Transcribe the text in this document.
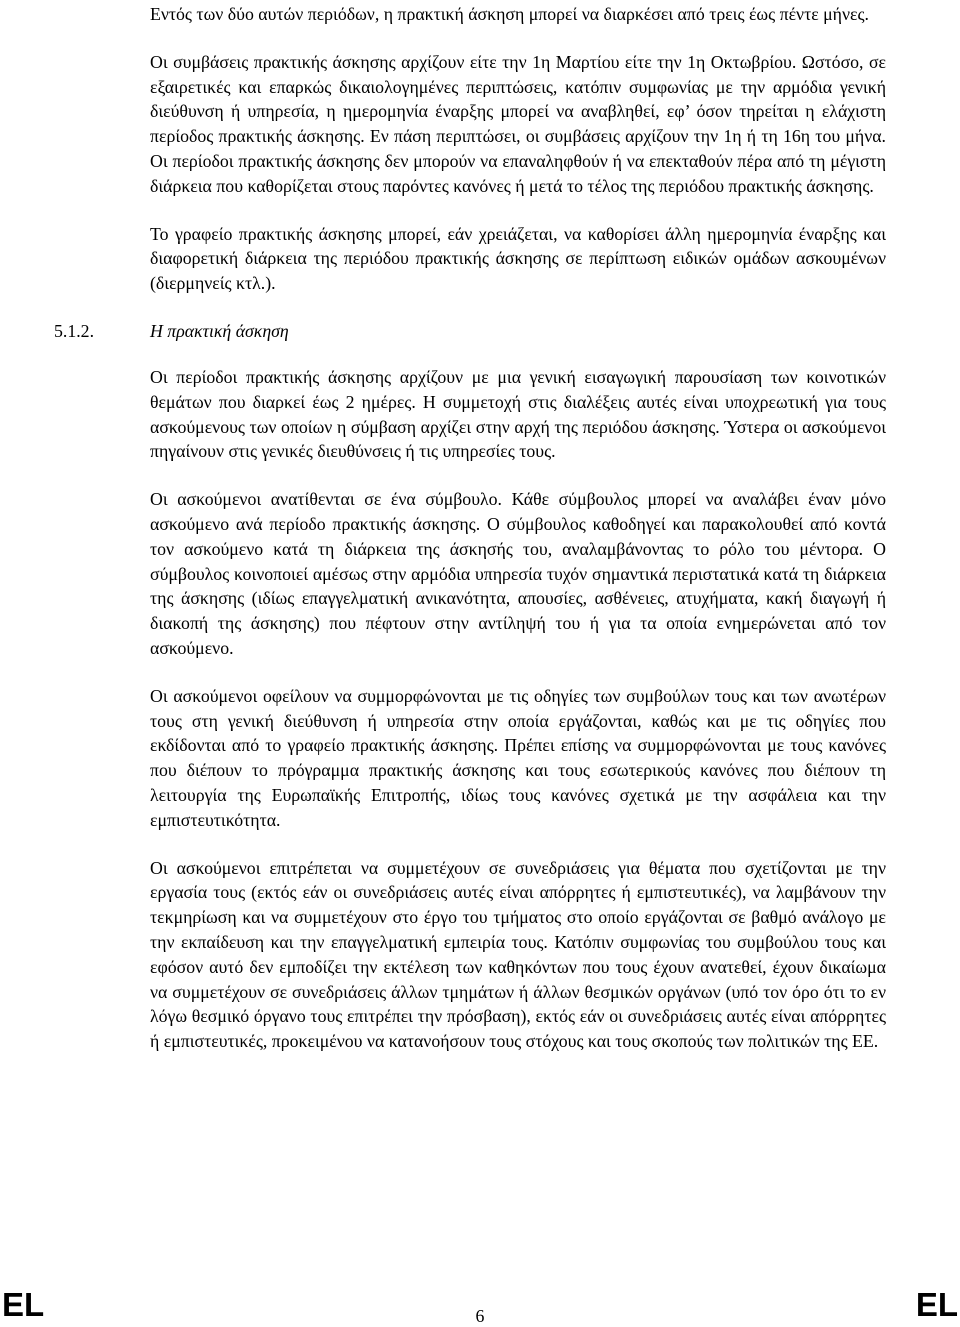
Εντός των δύο αυτών περιόδων, η πρακτική άσκηση μπορεί να διαρκέσει από τρεις έως πέντε μήνες.

Οι συμβάσεις πρακτικής άσκησης αρχίζουν είτε την 1η Μαρτίου είτε την 1η Οκτωβρίου. Ωστόσο, σε εξαιρετικές και επαρκώς δικαιολογημένες περιπτώσεις, κατόπιν συμφωνίας με την αρμόδια γενική διεύθυνση ή υπηρεσία, η ημερομηνία έναρξης μπορεί να αναβληθεί, εφ’ όσον τηρείται η ελάχιστη περίοδος πρακτικής άσκησης. Εν πάση περιπτώσει, οι συμβάσεις αρχίζουν την 1η ή τη 16η του μήνα. Οι περίοδοι πρακτικής άσκησης δεν μπορούν να επαναληφθούν ή να επεκταθούν πέρα από τη μέγιστη διάρκεια που καθορίζεται στους παρόντες κανόνες ή μετά το τέλος της περιόδου πρακτικής άσκησης.

Το γραφείο πρακτικής άσκησης μπορεί, εάν χρειάζεται, να καθορίσει άλλη ημερομηνία έναρξης και διαφορετική διάρκεια της περιόδου πρακτικής άσκησης σε περίπτωση ειδικών ομάδων ασκουμένων (διερμηνείς κτλ.).

5.1.2.	Η πρακτική άσκηση

Οι περίοδοι πρακτικής άσκησης αρχίζουν με μια γενική εισαγωγική παρουσίαση των κοινοτικών θεμάτων που διαρκεί έως 2 ημέρες. Η συμμετοχή στις διαλέξεις αυτές είναι υποχρεωτική για τους ασκούμενους των οποίων η σύμβαση αρχίζει στην αρχή της περιόδου άσκησης. Ύστερα οι ασκούμενοι πηγαίνουν στις γενικές διευθύνσεις ή τις υπηρεσίες τους.

Οι ασκούμενοι ανατίθενται σε ένα σύμβουλο. Κάθε σύμβουλος μπορεί να αναλάβει έναν μόνο ασκούμενο ανά περίοδο πρακτικής άσκησης. Ο σύμβουλος καθοδηγεί και παρακολουθεί από κοντά τον ασκούμενο κατά τη διάρκεια της άσκησής του, αναλαμβάνοντας το ρόλο του μέντορα. Ο σύμβουλος κοινοποιεί αμέσως στην αρμόδια υπηρεσία τυχόν σημαντικά περιστατικά κατά τη διάρκεια της άσκησης (ιδίως επαγγελματική ανικανότητα, απουσίες, ασθένειες, ατυχήματα, κακή διαγωγή ή διακοπή της άσκησης) που πέφτουν στην αντίληψή του ή για τα οποία ενημερώνεται από τον ασκούμενο.

Οι ασκούμενοι οφείλουν να συμμορφώνονται με τις οδηγίες των συμβούλων τους και των ανωτέρων τους στη γενική διεύθυνση ή υπηρεσία στην οποία εργάζονται, καθώς και με τις οδηγίες που εκδίδονται από το γραφείο πρακτικής άσκησης. Πρέπει επίσης να συμμορφώνονται με τους κανόνες που διέπουν το πρόγραμμα πρακτικής άσκησης και τους εσωτερικούς κανόνες που διέπουν τη λειτουργία της Ευρωπαϊκής Επιτροπής, ιδίως τους κανόνες σχετικά με την ασφάλεια και την εμπιστευτικότητα.

Οι ασκούμενοι επιτρέπεται να συμμετέχουν σε συνεδριάσεις για θέματα που σχετίζονται με την εργασία τους (εκτός εάν οι συνεδριάσεις αυτές είναι απόρρητες ή εμπιστευτικές), να λαμβάνουν την τεκμηρίωση και να συμμετέχουν στο έργο του τμήματος στο οποίο εργάζονται σε βαθμό ανάλογο με την εκπαίδευση και την επαγγελματική εμπειρία τους. Κατόπιν συμφωνίας του συμβούλου τους και εφόσον αυτό δεν εμποδίζει την εκτέλεση των καθηκόντων που τους έχουν ανατεθεί, έχουν δικαίωμα να συμμετέχουν σε συνεδριάσεις άλλων τμημάτων ή άλλων θεσμικών οργάνων (υπό τον όρο ότι το εν λόγω θεσμικό όργανο τους επιτρέπει την πρόσβαση), εκτός εάν οι συνεδριάσεις αυτές είναι απόρρητες ή εμπιστευτικές, προκειμένου να κατανοήσουν τους στόχους και τους σκοπούς των πολιτικών της ΕΕ.

EL	6	EL
